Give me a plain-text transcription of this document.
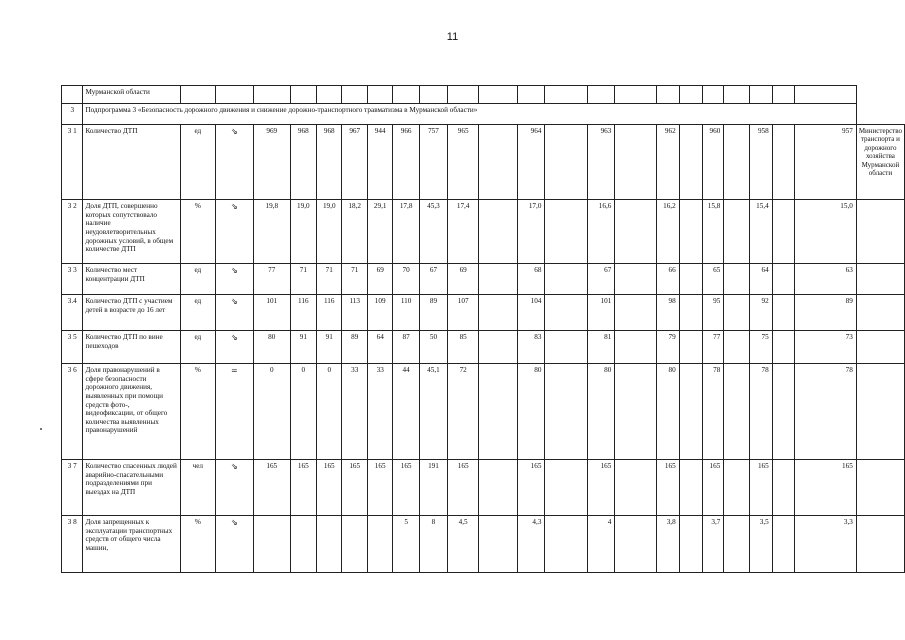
11
	Мурманской области																							
3	Подпрограмма 3 «Безопасность дорожного движения и снижение дорожно-транспортного травматизма в Мурманской области»																							
3 1	Количество ДТП	ед	⇘	969	968	968	967	944	966	757	965		964		963		962		960		958		957	Министерство транспорта и дорожного хозяйства Мурманской области
3 2	Доля ДТП, совершенно которых сопутствовало наличие неудовлетворительных дорожных условий, в общем количестве ДТП	%	⇘	19,8	19,0	19,0	18,2	29,1	17,8	45,3	17,4		17,0		16,6		16,2		15,8		15,4		15,0	
3 3	Количество мест концентрации ДТП	ед	⇘	77	71	71	71	69	70	67	69		68		67		66		65		64		63	
3.4	Количество ДТП с участием детей в возрасте до 16 лет	ед	⇘	101	116	116	113	109	110	89	107		104		101		98		95		92		89	
3 5	Количество ДТП по вине пешеходов	ед	⇘	80	91	91	89	64	87	50	85		83		81		79		77		75		73	
3 6	Доля правонарушений в сфере безопасности дорожного движения, выявленных при помощи средств фото-, видеофиксации, от общего количества выявленных правонарушений	%	=	0	0	0	33	33	44	45,1	72		80		80		80		78		78		78	
3 7	Количество спасенных людей аварийно-спасательными подразделениями при выездах на ДТП	чел	⇘	165	165	165	165	165	165	191	165		165		165		165		165		165		165	
3 8	Доля запрещенных к эксплуатации транспортных средств от общего числа машин,	%	⇘						5	8	4,5		4,3		4		3,8		3,7		3,5		3,3	
